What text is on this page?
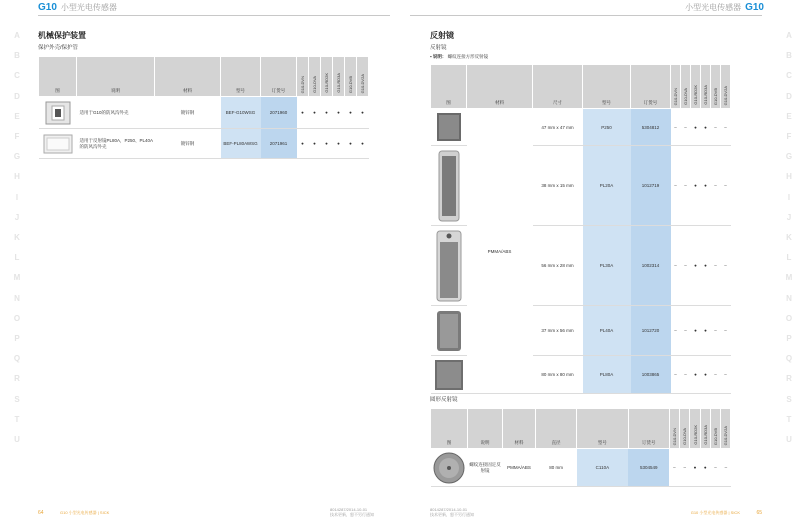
G10 小型光电传感器	小型光电传感器 G10
A
B
C
D
E
F
G
H
I
J
K
L
M
N
O
P
Q
R
S
T
U
A
B
C
D
E
F
G
H
I
J
K
L
M
N
O
P
Q
R
S
T
U
机械保护装置
保护外壳/保护管
图	说明	材料	型号	订货号	G10-DVN	G10-DVA	G10-RD2K	G10-RD3A	G10-DVB	G10-DV2A

	适用于G10的防风沟外壳	镀锌钢	BEF-G10WSG	2071960	●	●	●	●	●	●

	适用于反射镜PL80A，P250、PL40A的防风沟外壳	镀锌钢	BEF-PL80AWSG	2071961	●	●	●	●	●	●
反射镜
反射镜
▪ 说明： 螺纹连接方形反射镜
图	材料	尺寸	型号	订货号	G10-DVN	G10-DVA	G10-RD2K	G10-RD3A	G10-DVB	G10-DV2A	

	PMMA/ABS	47 mm x 47 mm	P250	5304812	–	–	●	●	–	–	

	38 mm x 15 mm	PL20A	1012719	–	–	●	●	–	–	

	56 mm x 28 mm	PL30A	1002314	–	–	●	●	–	–	

	37 mm x 56 mm	PL40A	1012720	–	–	●	●	–	–	

	80 mm x 80 mm	PL80A	1003865	–	–	●	●	–	–	
圆形反射镜
图	说明	材料	直径	型号	订货号	G10-DVN	G10-DVA	G10-RD2K	G10-RD3A	G10-DVB	G10-DV2A	

	螺纹连接固定反射镜	PMMA/ABS	80 mm	C110A	5304549	–	–	●	●	–	–	
64	G10 小型光电传感器 | SICK
8014287/2014-10-01
技术更新，恕不另行通知
8014287/2014-10-01
技术更新，恕不另行通知	G10 小型光电传感器 | SICK	65
